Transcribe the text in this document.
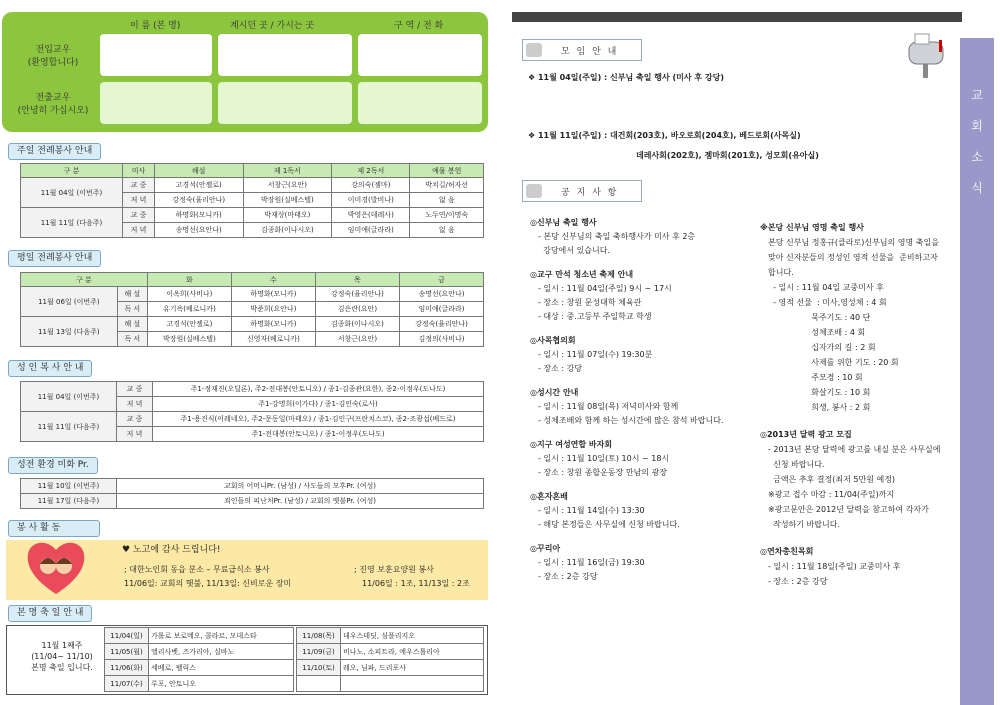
이 름 (본 명)	계시던 곳 / 가시는 곳	구 역 / 전 화
전입교우
(환영합니다)
전출교우
(안녕히 가십시오)
주일 전례봉사 안내
구 분	미사	해설	제 1독서	제 2독서	예물 봉헌
11월 04일 (이번주)	교 중	고경석(안젤로)	서창근(요안)	강의숙(젬마)	박치길/허자선
	저 녁	강정숙(율리안나)	박장원(실베스텔)	이미경(발비나)	없 음
11월 11일 (다음주)	교 중	하명화(모니카)	박재상(마태오)	박영은(데레사)	노두연/이명숙
	저 녁	송명선(요안나)	김종화(이나시오)	임미애(글라라)	없 음
평일 전례봉사 안내
구 분		화	수	목	금
11월 06일 (이번주)	해 설	이옥희(사비나)	하명화(모니카)	강정숙(율리안나)	송명선(요안나)
	독 서	유기옥(베로니카)	박준희(요안나)	김은란(요안)	임미애(글라라)
11월 13일 (다음주)	해 설	고경석(안젤로)	하명화(모니카)	김종화(이나시오)	강정숙(율리안나)
	독 서	박장원(실베스텔)	신영자(베로니카)	서창근(요안)	김정의(사비나)
성 인 복 사 안 내
11월 04일 (이번주)	교 중	주1-정재진(오딜론), 주2-전대봉(안토니오) / 종1-김종관(요한), 종2-이정우(도나도)
	저 녁	주1-강명희(이가다) / 종1-김인숙(로사)
11월 11일 (다음주)	교 중	주1-용진식(이레네오), 주2-문동일(마태오) / 종1-김인구(프란치스코), 종2-조광섭(베드로)
	저 녁	주1-전대봉(안토니오) / 종1-이정우(도나도)
성전 환경 미화 Pr.
11월 10일 (이번주)	교회의 어머니Pr. (남성) / 사도들의 모후Pr. (여성)
11월 17일 (다음주)	죄인들의 피난처Pr. (남성) / 교회의 옛불Pr. (여성)
봉 사 활 동
♥ 노고에 감사 드립니다!
; 대한노인회 동읍 분소 – 무료급식소 봉사
11/06일: 교회의 햇불, 11/13일: 신비로운 장미
; 진영 보훈요양원 봉사
11/06일 : 1조, 11/13일 : 2조
본 명 축 일 안 내
11월 1째주
(11/04~ 11/10)
본명 축일 입니다.
11/04(일)	가롤로 보로메오, 콜라르, 모데스타
11/05(월)	엘리사벳, 즈가리아, 실바노
11/06(화)	세베로, 펠릭스
11/07(수)	루포, 안토니오
11/08(목)	데우스데딧, 심플리지오
11/09(금)	비나노, 소피트라, 에우스톨리아
11/10(토)	레오, 님파, 드리포사

교
회
소
식
모 임 안 내
❖ 11월 04일(주일) : 신부님 축일 행사 (미사 후 강당)
❖ 11월 11일(주일) : 대건회(203호), 바오로회(204호), 베드로회(사목실)
데레사회(202호), 젬마회(201호), 성모회(유아실)
공 지 사 항
◎신부님 축일 행사
- 본당 신부님의 축일 축하행사가 미사 후 2층
강당에서 있습니다.
◎교구 만석 청소년 축제 안내
- 일시 : 11월 04일(주일) 9시 ~ 17시
- 장소 : 창원 문성대학 체육관
- 대상 : 중.고등부 주일학교 학생
◎사목협의회
- 일시 : 11월 07일(수) 19:30분
- 장소 : 강당
◎성시간 안내
- 일시 : 11월 08일(목) 저녁미사와 함께
- 성체조배와 함께 하는 성시간에 많은 참석 바랍니다.
◎지구 여성연합 바자회
- 일시 : 11월 10일(토) 10시 ~ 18시
- 장소 : 창원 종합운동장 만남의 광장
◎혼자혼배
- 일시 : 11월 14일(수) 13:30
- 해당 본정들은 사무실에 신청 바랍니다.
◎꾸리아
- 일시 : 11월 16일(금) 19:30
- 장소 : 2층 강당
※본당 신부님 영명 축일 행사
본당 신부님 정홍규(클라로)신부님의 영명 축일을
맞아 신자분들의 정성인 영적 선물을  준비하고자
합니다.
- 일시 : 11월 04일 교중미사 후
- 영적 선물  : 미사,영성체 : 4 회
묵주기도 : 40 단
성체조배 : 4 회
십자가의 길 : 2 회
사제를 위한 기도 : 20 회
주모경 : 10 회
화살기도 : 10 회
희생, 봉사 : 2 회
◎2013년 달력 광고 모집
- 2013년 본당 달력에 광고를 내실 분은 사무실에
신청 바랍니다.
금액은 추후 결정(최저 5만원 예정)
※광고 접수 마감 : 11/04(주일)까지
※광고문안은 2012년 달력을 참고하여 각자가
작성하기 바랍니다.
◎연차총친목회
- 일시 : 11월 18일(주일) 교중미사 후
- 장소 : 2층 강당
